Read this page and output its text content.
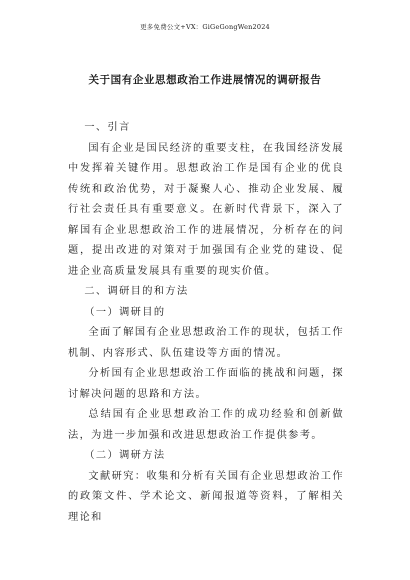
更多免费公文+VX：GiGeGongWen2024
关于国有企业思想政治工作进展情况的调研报告

一、引言

国有企业是国民经济的重要支柱，在我国经济发展中发挥着关键作用。思想政治工作是国有企业的优良传统和政治优势，对于凝聚人心、推动企业发展、履行社会责任具有重要意义。在新时代背景下，深入了解国有企业思想政治工作的进展情况，分析存在的问题，提出改进的对策对于加强国有企业党的建设、促进企业高质量发展具有重要的现实价值。

二、调研目的和方法

（一）调研目的

全面了解国有企业思想政治工作的现状，包括工作机制、内容形式、队伍建设等方面的情况。

分析国有企业思想政治工作面临的挑战和问题，探讨解决问题的思路和方法。

总结国有企业思想政治工作的成功经验和创新做法，为进一步加强和改进思想政治工作提供参考。

（二）调研方法

文献研究：收集和分析有关国有企业思想政治工作的政策文件、学术论文、新闻报道等资料，了解相关理论和
